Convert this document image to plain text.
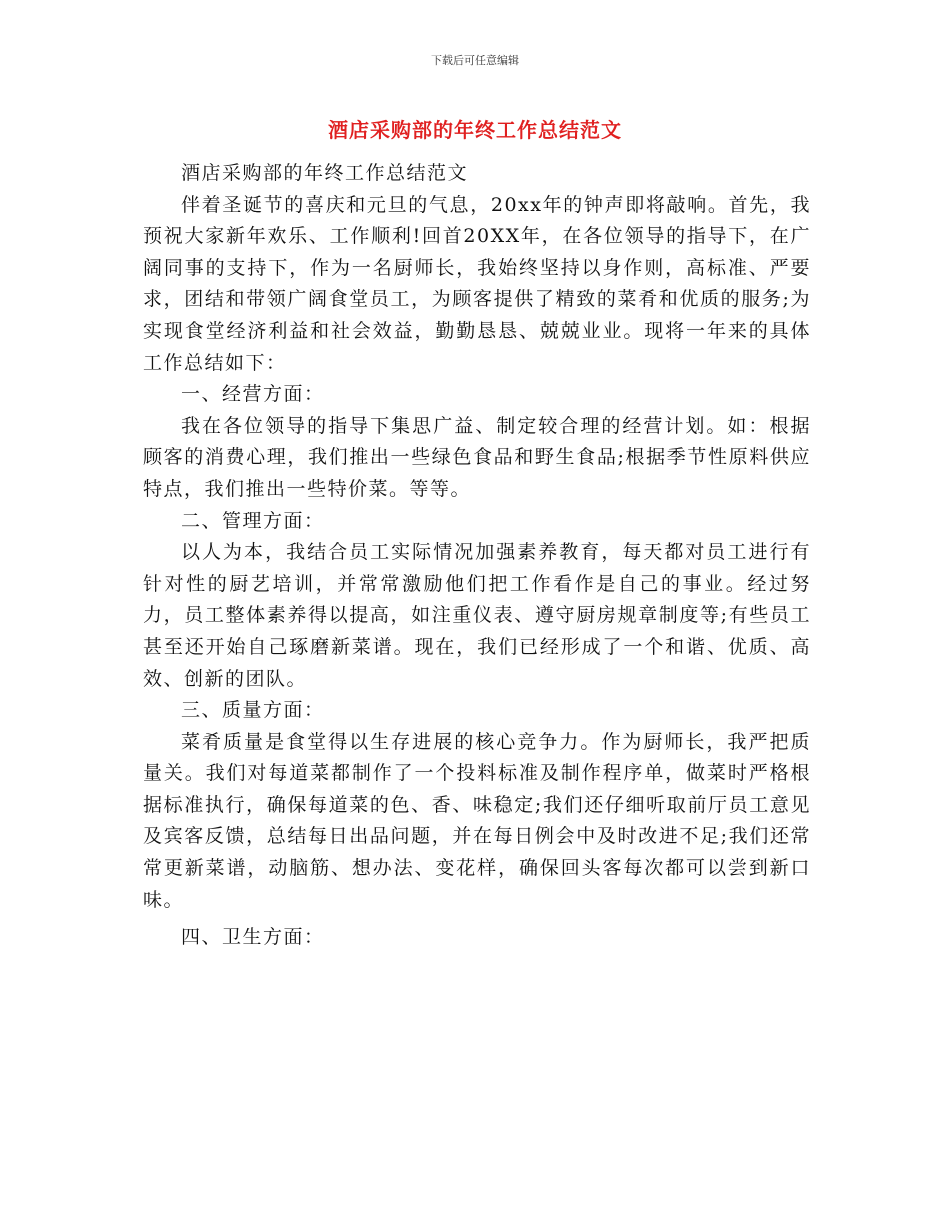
下载后可任意编辑
酒店采购部的年终工作总结范文

酒店采购部的年终工作总结范文

伴着圣诞节的喜庆和元旦的气息，20xx年的钟声即将敲响。首先，我预祝大家新年欢乐、工作顺利!回首20XX年，在各位领导的指导下，在广阔同事的支持下，作为一名厨师长，我始终坚持以身作则，高标准、严要求，团结和带领广阔食堂员工，为顾客提供了精致的菜肴和优质的服务;为实现食堂经济利益和社会效益，勤勤恳恳、兢兢业业。现将一年来的具体工作总结如下：

一、经营方面：

我在各位领导的指导下集思广益、制定较合理的经营计划。如：根据顾客的消费心理，我们推出一些绿色食品和野生食品;根据季节性原料供应特点，我们推出一些特价菜。等等。

二、管理方面：

以人为本，我结合员工实际情况加强素养教育，每天都对员工进行有针对性的厨艺培训，并常常激励他们把工作看作是自己的事业。经过努力，员工整体素养得以提高，如注重仪表、遵守厨房规章制度等;有些员工甚至还开始自己琢磨新菜谱。现在，我们已经形成了一个和谐、优质、高效、创新的团队。

三、质量方面：

菜肴质量是食堂得以生存进展的核心竞争力。作为厨师长，我严把质量关。我们对每道菜都制作了一个投料标准及制作程序单，做菜时严格根据标准执行，确保每道菜的色、香、味稳定;我们还仔细听取前厅员工意见及宾客反馈，总结每日出品问题，并在每日例会中及时改进不足;我们还常常更新菜谱，动脑筋、想办法、变花样，确保回头客每次都可以尝到新口味。

四、卫生方面：
